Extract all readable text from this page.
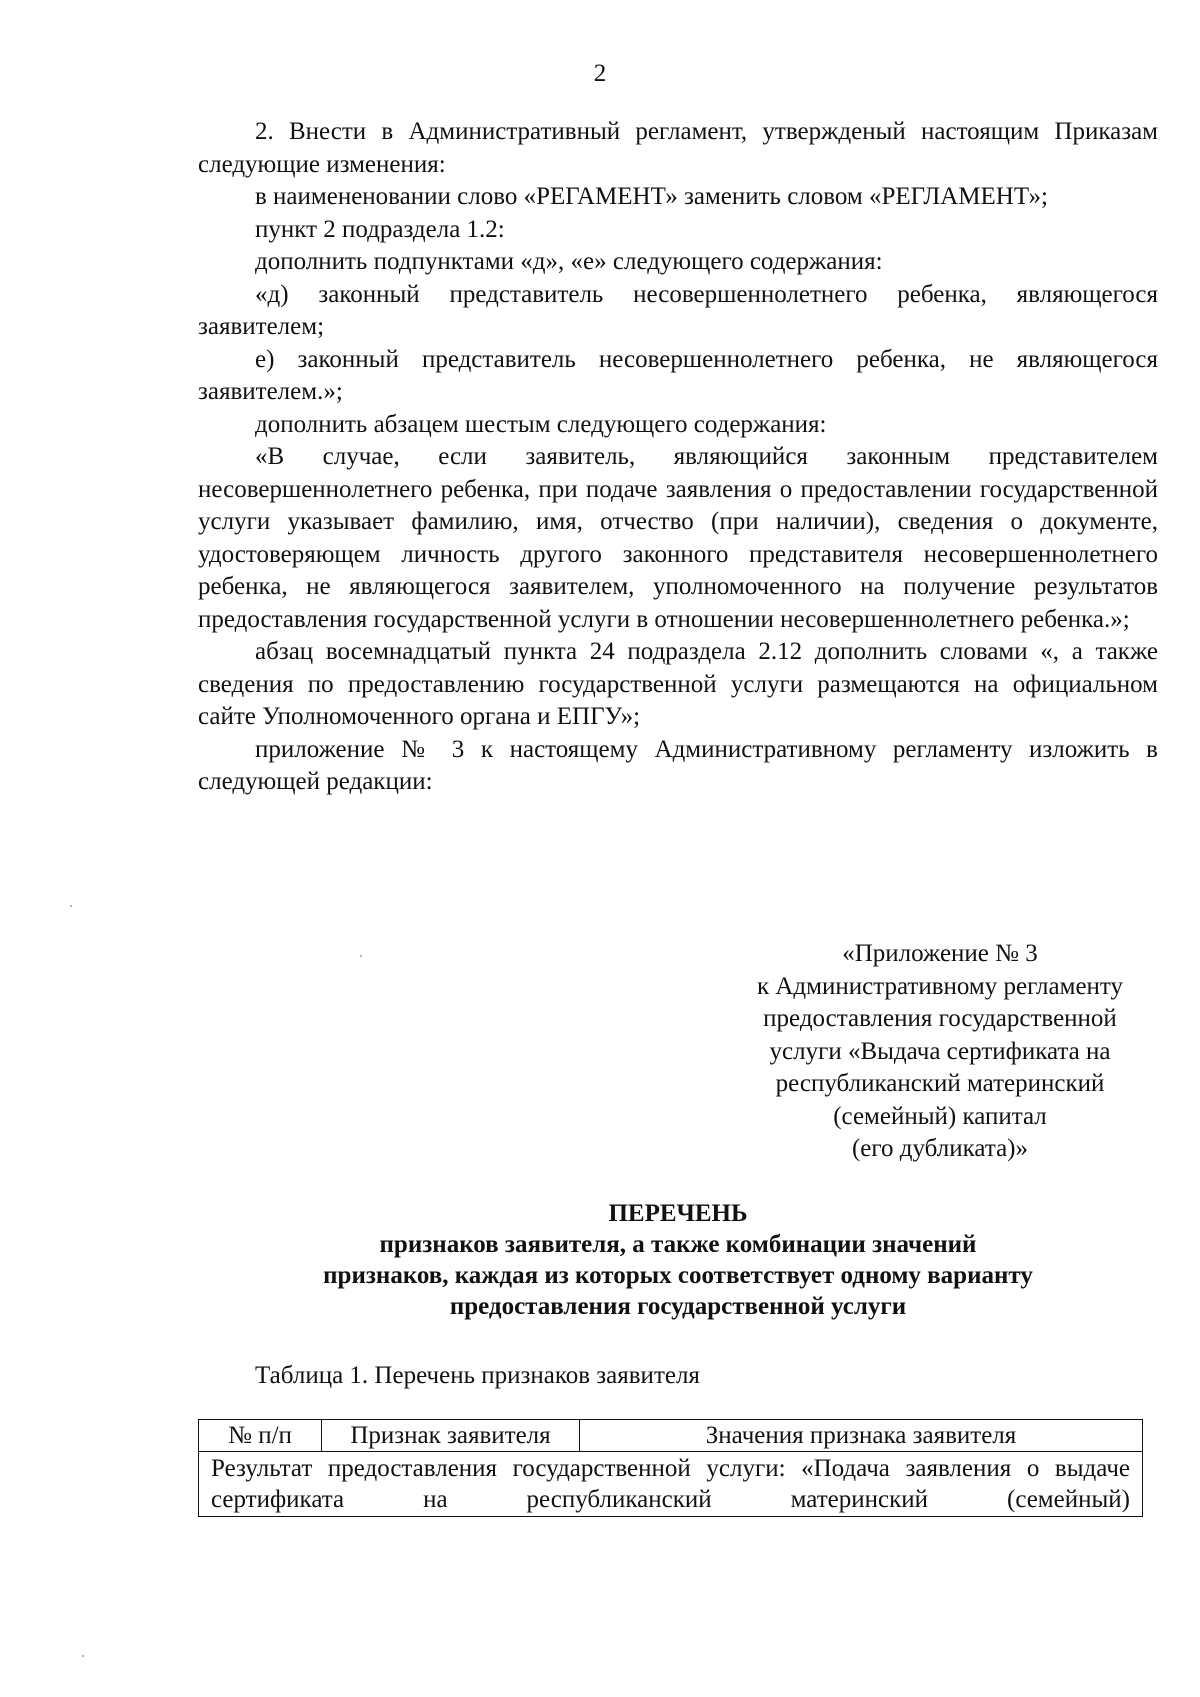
2

2. Внести в Административный регламент, утвержденый настоящим Приказам следующие изменения:

в наимененовании слово «РЕГАМЕНТ» заменить словом «РЕГЛАМЕНТ»;

пункт 2 подраздела 1.2:

дополнить подпунктами «д», «е» следующего содержания:

«д) законный представитель несовершеннолетнего ребенка, являющегося заявителем;

е) законный представитель несовершеннолетнего ребенка, не являющегося заявителем.»;

дополнить абзацем шестым следующего содержания:

«В случае, если заявитель, являющийся законным представителем несовершеннолетнего ребенка, при подаче заявления о предоставлении государственной услуги указывает фамилию, имя, отчество (при наличии), сведения о документе, удостоверяющем личность другого законного представителя несовершеннолетнего ребенка, не являющегося заявителем, уполномоченного на получение результатов предоставления государственной услуги в отношении несовершеннолетнего ребенка.»;

абзац восемнадцатый пункта 24 подраздела 2.12 дополнить словами «, а также сведения по предоставлению государственной услуги размещаются на официальном сайте Уполномоченного органа и ЕПГУ»;

приложение № 3 к настоящему Административному регламенту изложить в следующей редакции:

«Приложение № 3
к Административному регламенту
предоставления государственной
услуги «Выдача сертификата на
республиканский материнский
(семейный) капитал
(его дубликата)»
ПЕРЕЧЕНЬ
признаков заявителя, а также комбинации значений
признаков, каждая из которых соответствует одному варианту
предоставления государственной услуги
Таблица 1. Перечень признаков заявителя
№ п/п	Признак заявителя	Значения признака заявителя
Результат предоставления государственной услуги: «Подача заявления о выдаче сертификата на республиканский материнский (семейный)
